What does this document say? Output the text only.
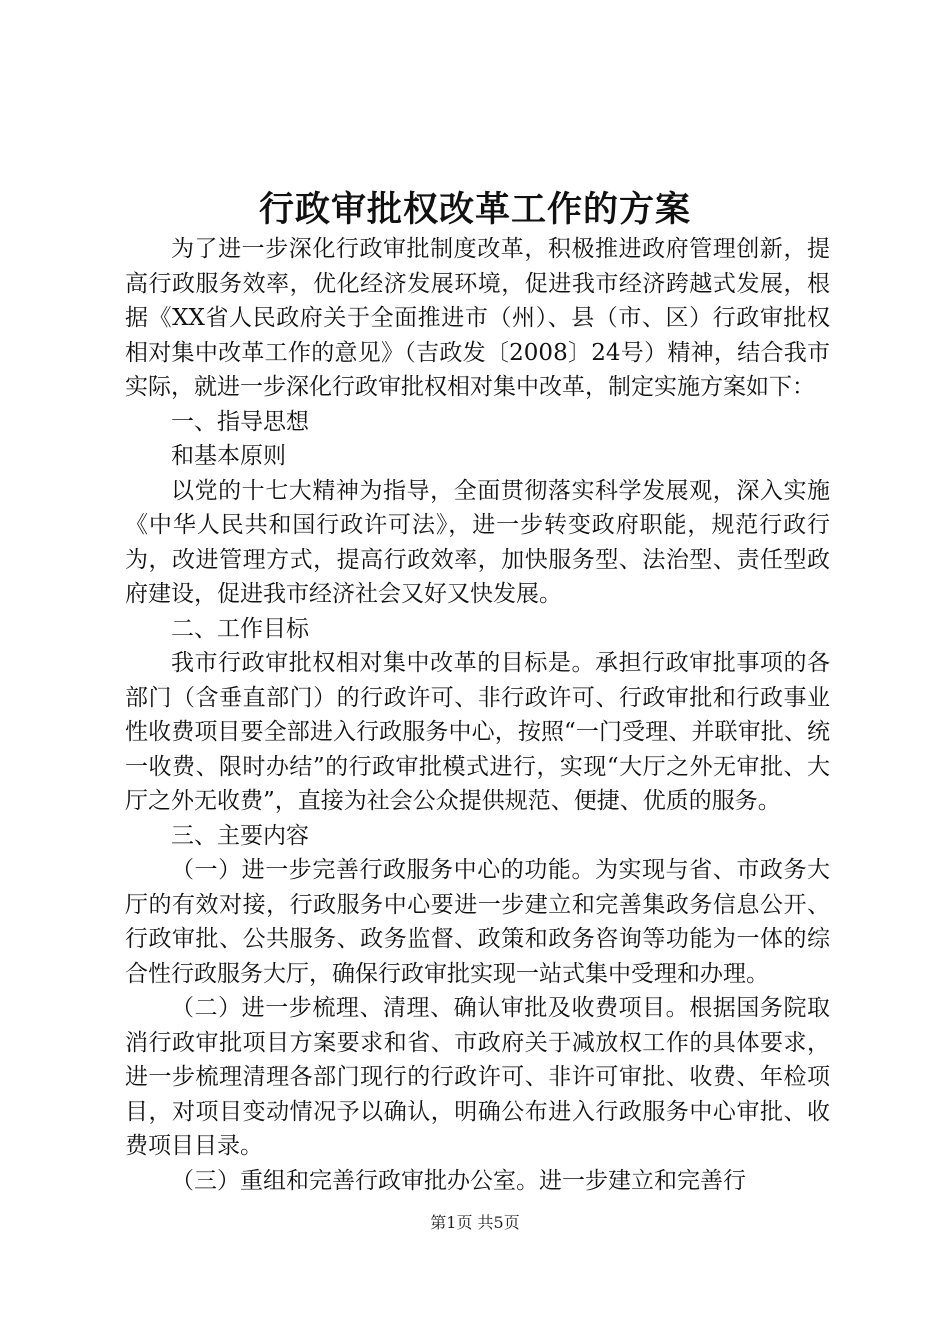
行政审批权改革工作的方案

为了进一步深化行政审批制度改革，积极推进政府管理创新，提高行政服务效率，优化经济发展环境，促进我市经济跨越式发展，根据《XX省人民政府关于全面推进市（州）、县（市、区）行政审批权相对集中改革工作的意见》（吉政发〔2008〕24号）精神，结合我市实际，就进一步深化行政审批权相对集中改革，制定实施方案如下：

一、指导思想

和基本原则

以党的十七大精神为指导，全面贯彻落实科学发展观，深入实施《中华人民共和国行政许可法》，进一步转变政府职能，规范行政行为，改进管理方式，提高行政效率，加快服务型、法治型、责任型政府建设，促进我市经济社会又好又快发展。

二、工作目标

我市行政审批权相对集中改革的目标是。承担行政审批事项的各部门（含垂直部门）的行政许可、非行政许可、行政审批和行政事业性收费项目要全部进入行政服务中心，按照“一门受理、并联审批、统一收费、限时办结”的行政审批模式进行，实现“大厅之外无审批、大厅之外无收费”，直接为社会公众提供规范、便捷、优质的服务。

三、主要内容

（一）进一步完善行政服务中心的功能。为实现与省、市政务大厅的有效对接，行政服务中心要进一步建立和完善集政务信息公开、行政审批、公共服务、政务监督、政策和政务咨询等功能为一体的综合性行政服务大厅，确保行政审批实现一站式集中受理和办理。

（二）进一步梳理、清理、确认审批及收费项目。根据国务院取消行政审批项目方案要求和省、市政府关于减放权工作的具体要求，进一步梳理清理各部门现行的行政许可、非许可审批、收费、年检项目，对项目变动情况予以确认，明确公布进入行政服务中心审批、收费项目目录。

（三）重组和完善行政审批办公室。进一步建立和完善行

第1页 共5页
